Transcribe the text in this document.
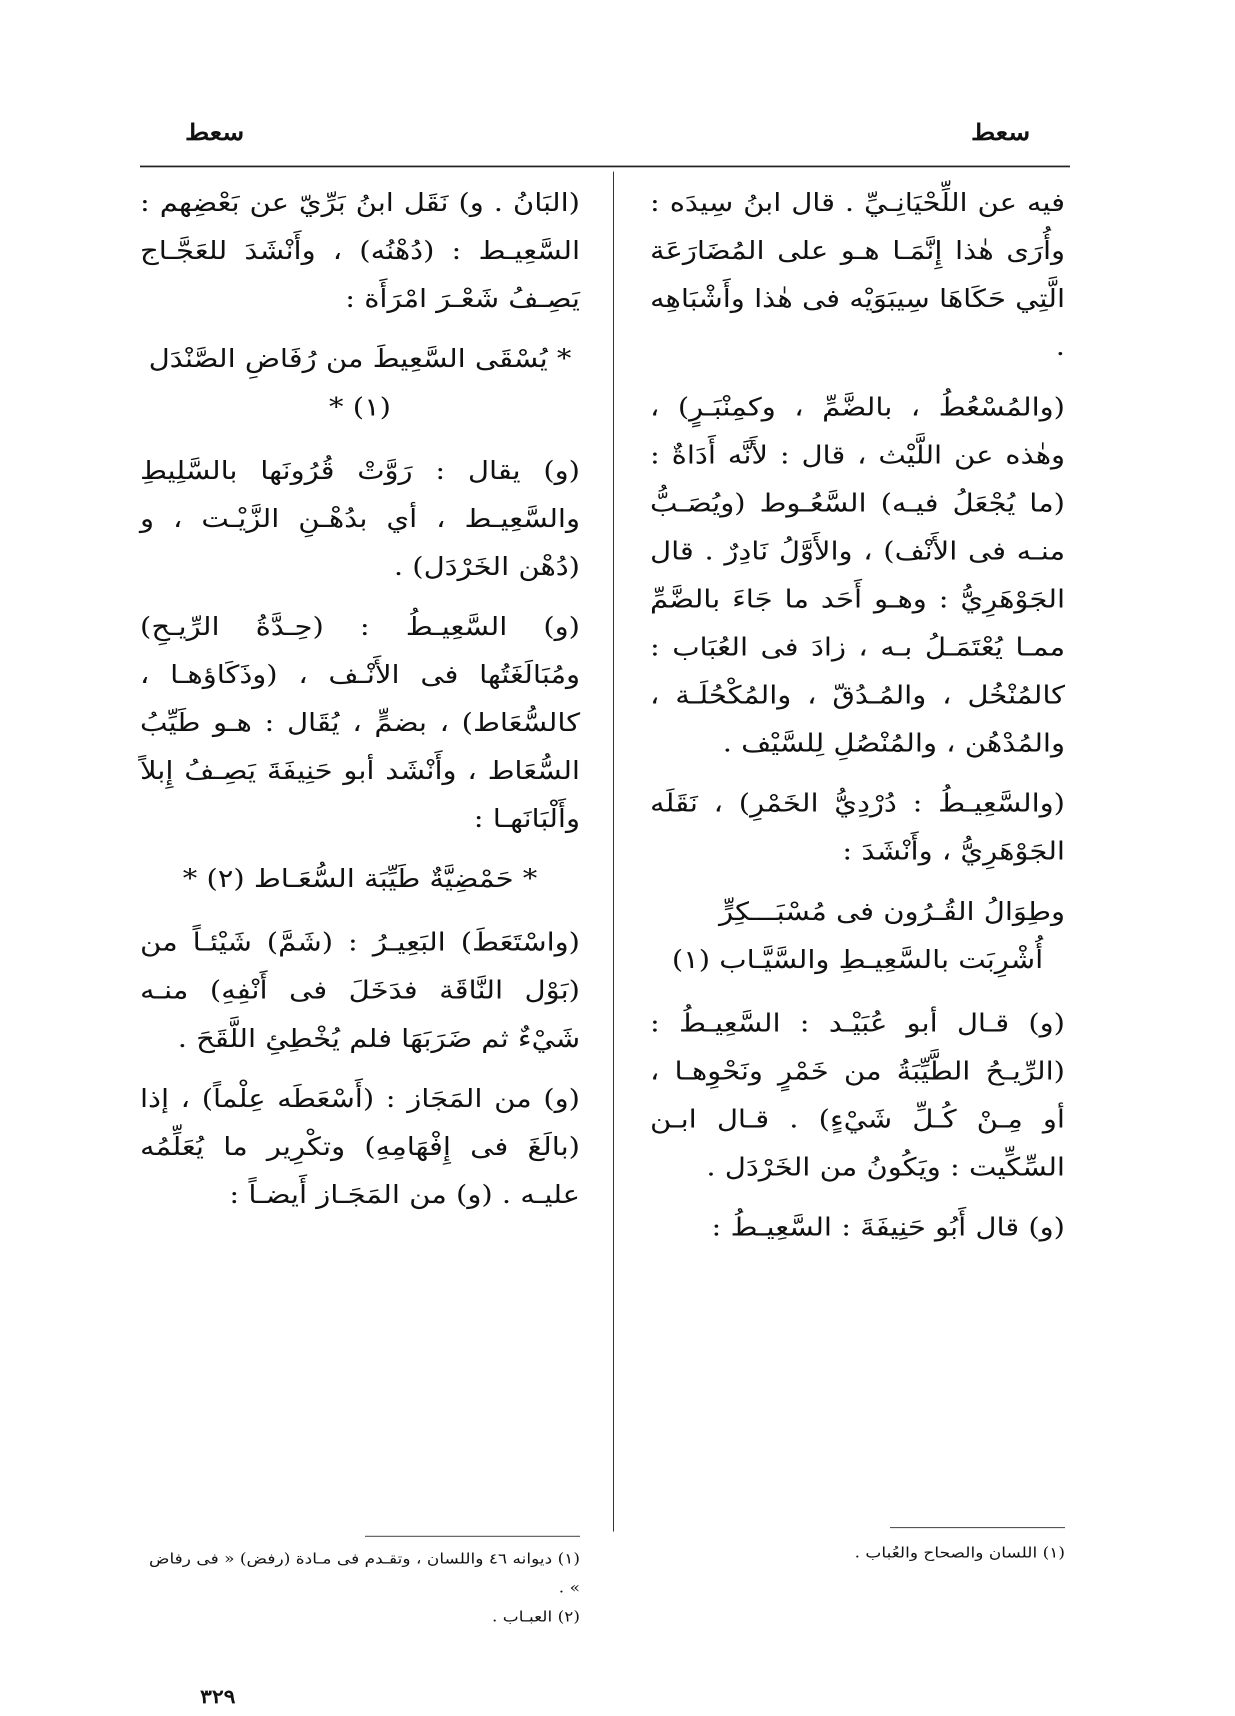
سعط
سعط

فيه عن اللِّحْيَانِـيِّ . قال ابنُ سِيدَه : وأُرَى هٰذا إِنَّمَـا هـو على المُضَارَعَة الَّتِي حَكَاهَا سِيبَوَيْه فى هٰذا وأَشْبَاهِه .

(والمُسْعُطُ ، بالضَّمِّ ، وكمِنْبَـرٍ) ، وهٰذه عن اللَّيْث ، قال : لأَنَّه أَدَاةٌ : (ما يُجْعَلُ فيـه) السَّعُـوط (ويُصَـبُّ منـه فى الأَنْف) ، والأَوَّلُ نَادِرٌ . قال الجَوْهَرِيُّ : وهـو أَحَد ما جَاءَ بالضَّمِّ ممـا يُعْتَمَـلُ بـه ، زادَ فى العُبَاب : كالمُنْخُل ، والمُـدُقّ ، والمُكْحُلَـة ، والمُدْهُن ، والمُنْصُلِ لِلسَّيْف .

(والسَّعِيـطُ : دُرْدِيُّ الخَمْرِ) ، نَقَلَه الجَوْهَرِيُّ ، وأَنْشَدَ :

وطِوَالُ القُـرُون فى مُسْبَـــكِرٍّ

أُشْرِبَت بالسَّعِيـطِ والسَّيَّـاب (١)

(و) قـال أبو عُبَيْـد : السَّعِيـطُ : (الرِّيـحُ الطَّيِّبَةُ من خَمْرٍ ونَحْوِهـا ، أو مِـنْ كُـلِّ شَيْءٍ) . قـال ابـن السِّكِّيت : ويَكُونُ من الخَرْدَل .

(و) قال أَبُو حَنِيفَةَ : السَّعِيـطُ :

(البَانُ . و) نَقَل ابنُ بَرِّيّ عن بَعْضِهم : السَّعِيـط : (دُهْنُه) ، وأَنْشَدَ للعَجَّـاج يَصِـفُ شَعْـرَ امْرَأَة :

* يُسْقَى السَّعِيطَ من رُفَاضِ الصَّنْدَل (١) *

(و) يقال : رَوَّتْ قُرُونَها بالسَّلِيطِ والسَّعِيـط ، أي بدُهْـنِ الزَّيْـت ، و (دُهْن الخَرْدَل) .

(و) السَّعِيـطُ : (حِـدَّةُ الرِّيـحِ) ومُبَالَغَتُها فى الأَنْـف ، (وذَكَاؤهـا ، كالسُّعَاط) ، بضمٍّ ، يُقَال : هـو طَيِّبُ السُّعَاط ، وأَنْشَد أبو حَنِيفَةَ يَصِـفُ إِبلاً وأَلْبَانَهـا :

* حَمْضِيَّةٌ طَيِّبَة السُّعَـاط (٢) *

(واسْتَعَطَ) البَعِيـرُ : (شَمَّ) شَيْئـاً من (بَوْل النَّاقَة فدَخَلَ فى أَنْفِهِ) منـه شَيْءٌ ثم ضَرَبَهَا فلم يُخْطِئِ اللَّقَحَ .

(و) من المَجَاز : (أَسْعَطَه عِلْماً) ، إذا (بالَغَ فى إِفْهَامِهِ) وتكْرِير ما يُعَلِّمُه عليـه . (و) من المَجَـاز أَيضـاً :

(١) اللسان والصحاح والعُباب .

(١) ديوانه ٤٦ واللسان ، وتقـدم فى مـادة (رفض) « فى رفاض » .

(٢) العبـاب .

٣٢٩
